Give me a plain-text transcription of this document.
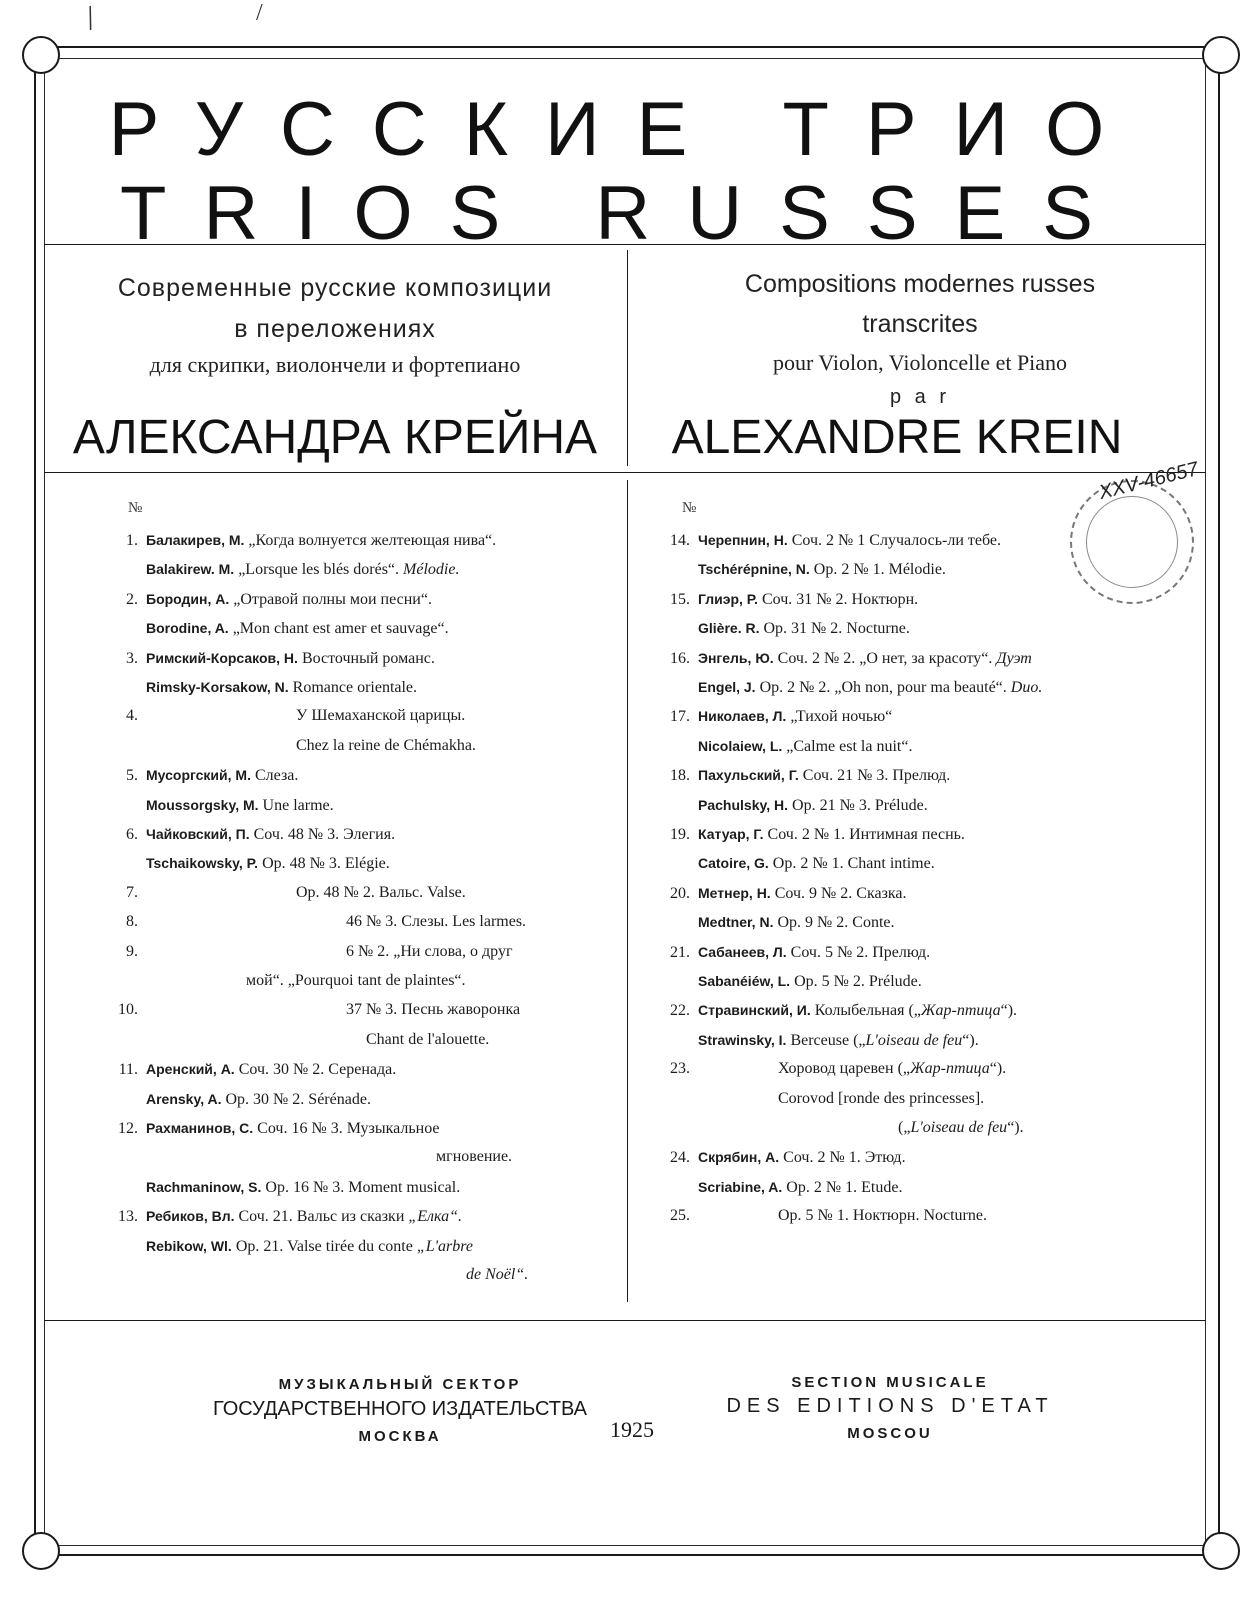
/	/
РУССКИЕ ТРИО
TRIOS RUSSES

Современные русские композиции

в переложениях

для скрипки, виолончели и фортепиано

АЛЕКСАНДРА КРЕЙНА

Compositions modernes russes

transcrites

pour Violon, Violoncelle et Piano

p a r

ALEXANDRE KREIN

№	№
1. Балакирев, М. „Когда волнуется желтеющая нива“.
Balakirew. M. „Lorsque les blés dorés“. Mélodie.
2. Бородин, А. „Отравой полны мои песни“.
Borodine, A. „Mon chant est amer et sauvage“.
3. Римский-Корсаков, Н. Восточный романс.
Rimsky-Korsakow, N. Romance orientale.
4.	У Шемаханской царицы.
Chez la reine de Chémakha.
5. Мусоргский, М. Слеза.
Moussorgsky, M. Une larme.
6. Чайковский, П. Соч. 48 № 3. Элегия.
Tschaikowsky, P. Op. 48 № 3. Elégie.
7.	Op. 48 № 2. Вальс. Valse.
8.	46 № 3. Слезы. Les larmes.
9.	6 № 2. „Ни слова, о друг
мой“. „Pourquoi tant de plaintes“.
10.	37 № 3. Песнь жаворонка
Chant de l'alouette.
11. Аренский, А. Соч. 30 № 2. Серенада.
Arensky, A. Op. 30 № 2. Sérénade.
12. Рахманинов, С. Соч. 16 № 3. Музыкальное
мгновение.
Rachmaninow, S. Op. 16 № 3. Moment musical.
13. Ребиков, Вл. Соч. 21. Вальс из сказки „Елка“.
Rebikow, Wl. Op. 21. Valse tirée du conte „L'arbre
de Noël“.
14. Черепнин, Н. Соч. 2 № 1 Случалось-ли тебе.
Tschérépnine, N. Op. 2 № 1. Mélodie.
15. Глиэр, Р. Соч. 31 № 2. Ноктюрн.
Glière. R. Op. 31 № 2. Nocturne.
16. Энгель, Ю. Соч. 2 № 2. „О нет, за красоту“. Дуэт
Engel, J. Op. 2 № 2. „Oh non, pour ma beauté“. Duo.
17. Николаев, Л. „Тихой ночью“
Nicolaiew, L. „Calme est la nuit“.
18. Пахульский, Г. Соч. 21 № 3. Прелюд.
Pachulsky, H. Op. 21 № 3. Prélude.
19. Катуар, Г. Соч. 2 № 1. Интимная песнь.
Catoire, G. Op. 2 № 1. Chant intime.
20. Метнер, Н. Соч. 9 № 2. Сказка.
Medtner, N. Op. 9 № 2. Conte.
21. Сабанеев, Л. Соч. 5 № 2. Прелюд.
Sabanéiéw, L. Op. 5 № 2. Prélude.
22. Стравинский, И. Колыбельная („Жар-птица“).
Strawinsky, I. Berceuse („L'oiseau de feu“).
23.	Хоровод царевен („Жар-птица“).
Corovod [ronde des princesses].
(„L'oiseau de feu“).
24. Скрябин, А. Соч. 2 № 1. Этюд.
Scriabine, A. Op. 2 № 1. Etude.
25.	Op. 5 № 1. Ноктюрн. Nocturne.
XXV-46657

МУЗЫКАЛЬНЫЙ СЕКТОР

ГОСУДАРСТВЕННОГО ИЗДАТЕЛЬСТВА

МОСКВА	1925

SECTION MUSICALE

DES EDITIONS D'ETAT

MOSCOU
